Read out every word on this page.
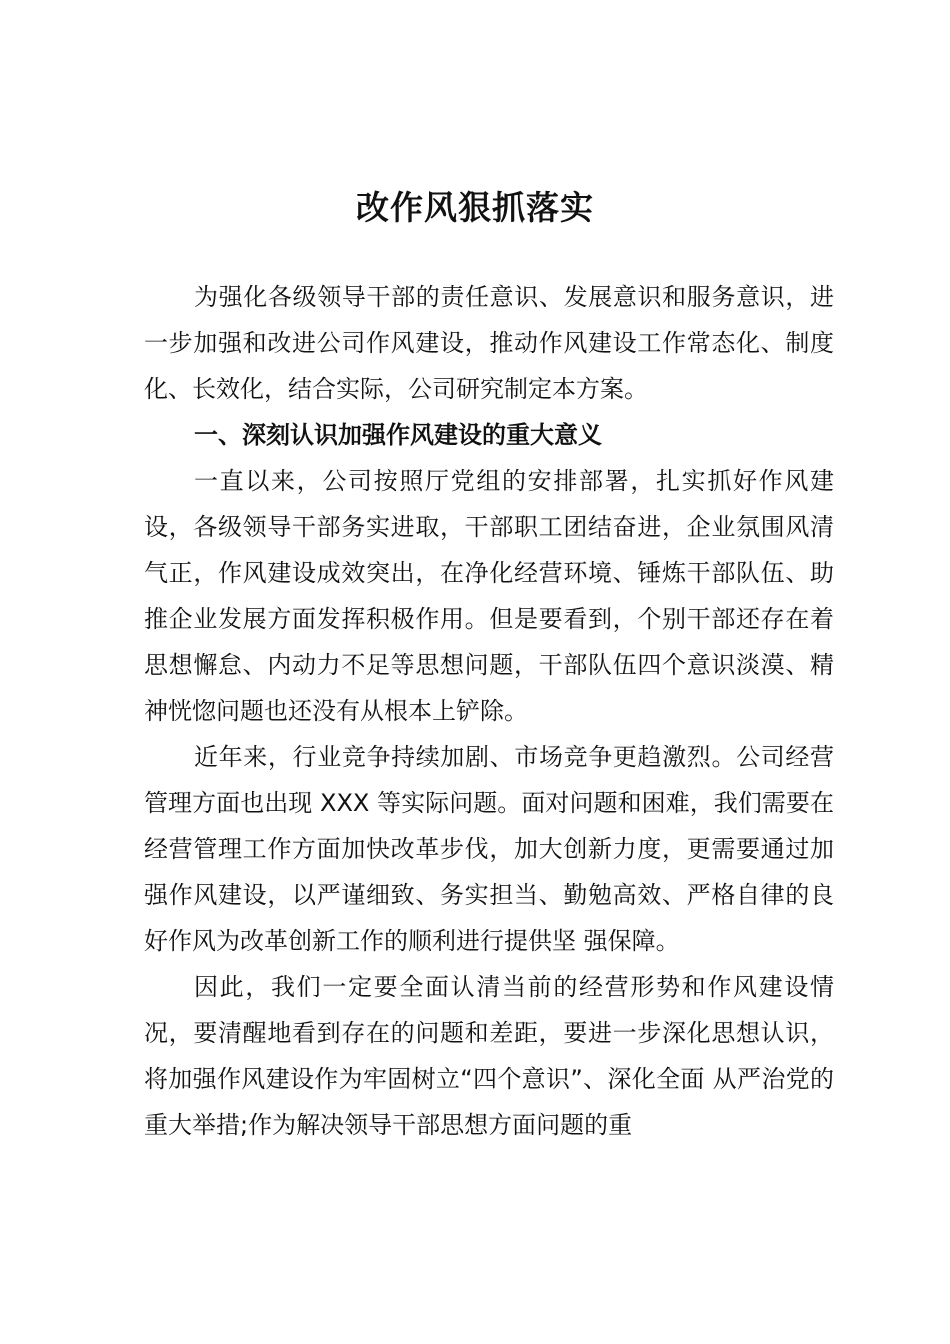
改作风狠抓落实

为强化各级领导干部的责任意识、发展意识和服务意识，进一步加强和改进公司作风建设，推动作风建设工作常态化、制度化、长效化，结合实际，公司研究制定本方案。

一、深刻认识加强作风建设的重大意义

一直以来，公司按照厅党组的安排部署，扎实抓好作风建设，各级领导干部务实进取，干部职工团结奋进，企业氛围风清气正，作风建设成效突出，在净化经营环境、锤炼干部队伍、助推企业发展方面发挥积极作用。但是要看到，个别干部还存在着思想懈怠、内动力不足等思想问题，干部队伍四个意识淡漠、精神恍惚问题也还没有从根本上铲除。

近年来，行业竞争持续加剧、市场竞争更趋激烈。公司经营管理方面也出现 XXX 等实际问题。面对问题和困难，我们需要在经营管理工作方面加快改革步伐，加大创新力度，更需要通过加强作风建设，以严谨细致、务实担当、勤勉高效、严格自律的良好作风为改革创新工作的顺利进行提供坚 强保障。

因此，我们一定要全面认清当前的经营形势和作风建设情况，要清醒地看到存在的问题和差距，要进一步深化思想认识，将加强作风建设作为牢固树立“四个意识”、深化全面 从严治党的重大举措;作为解决领导干部思想方面问题的重
